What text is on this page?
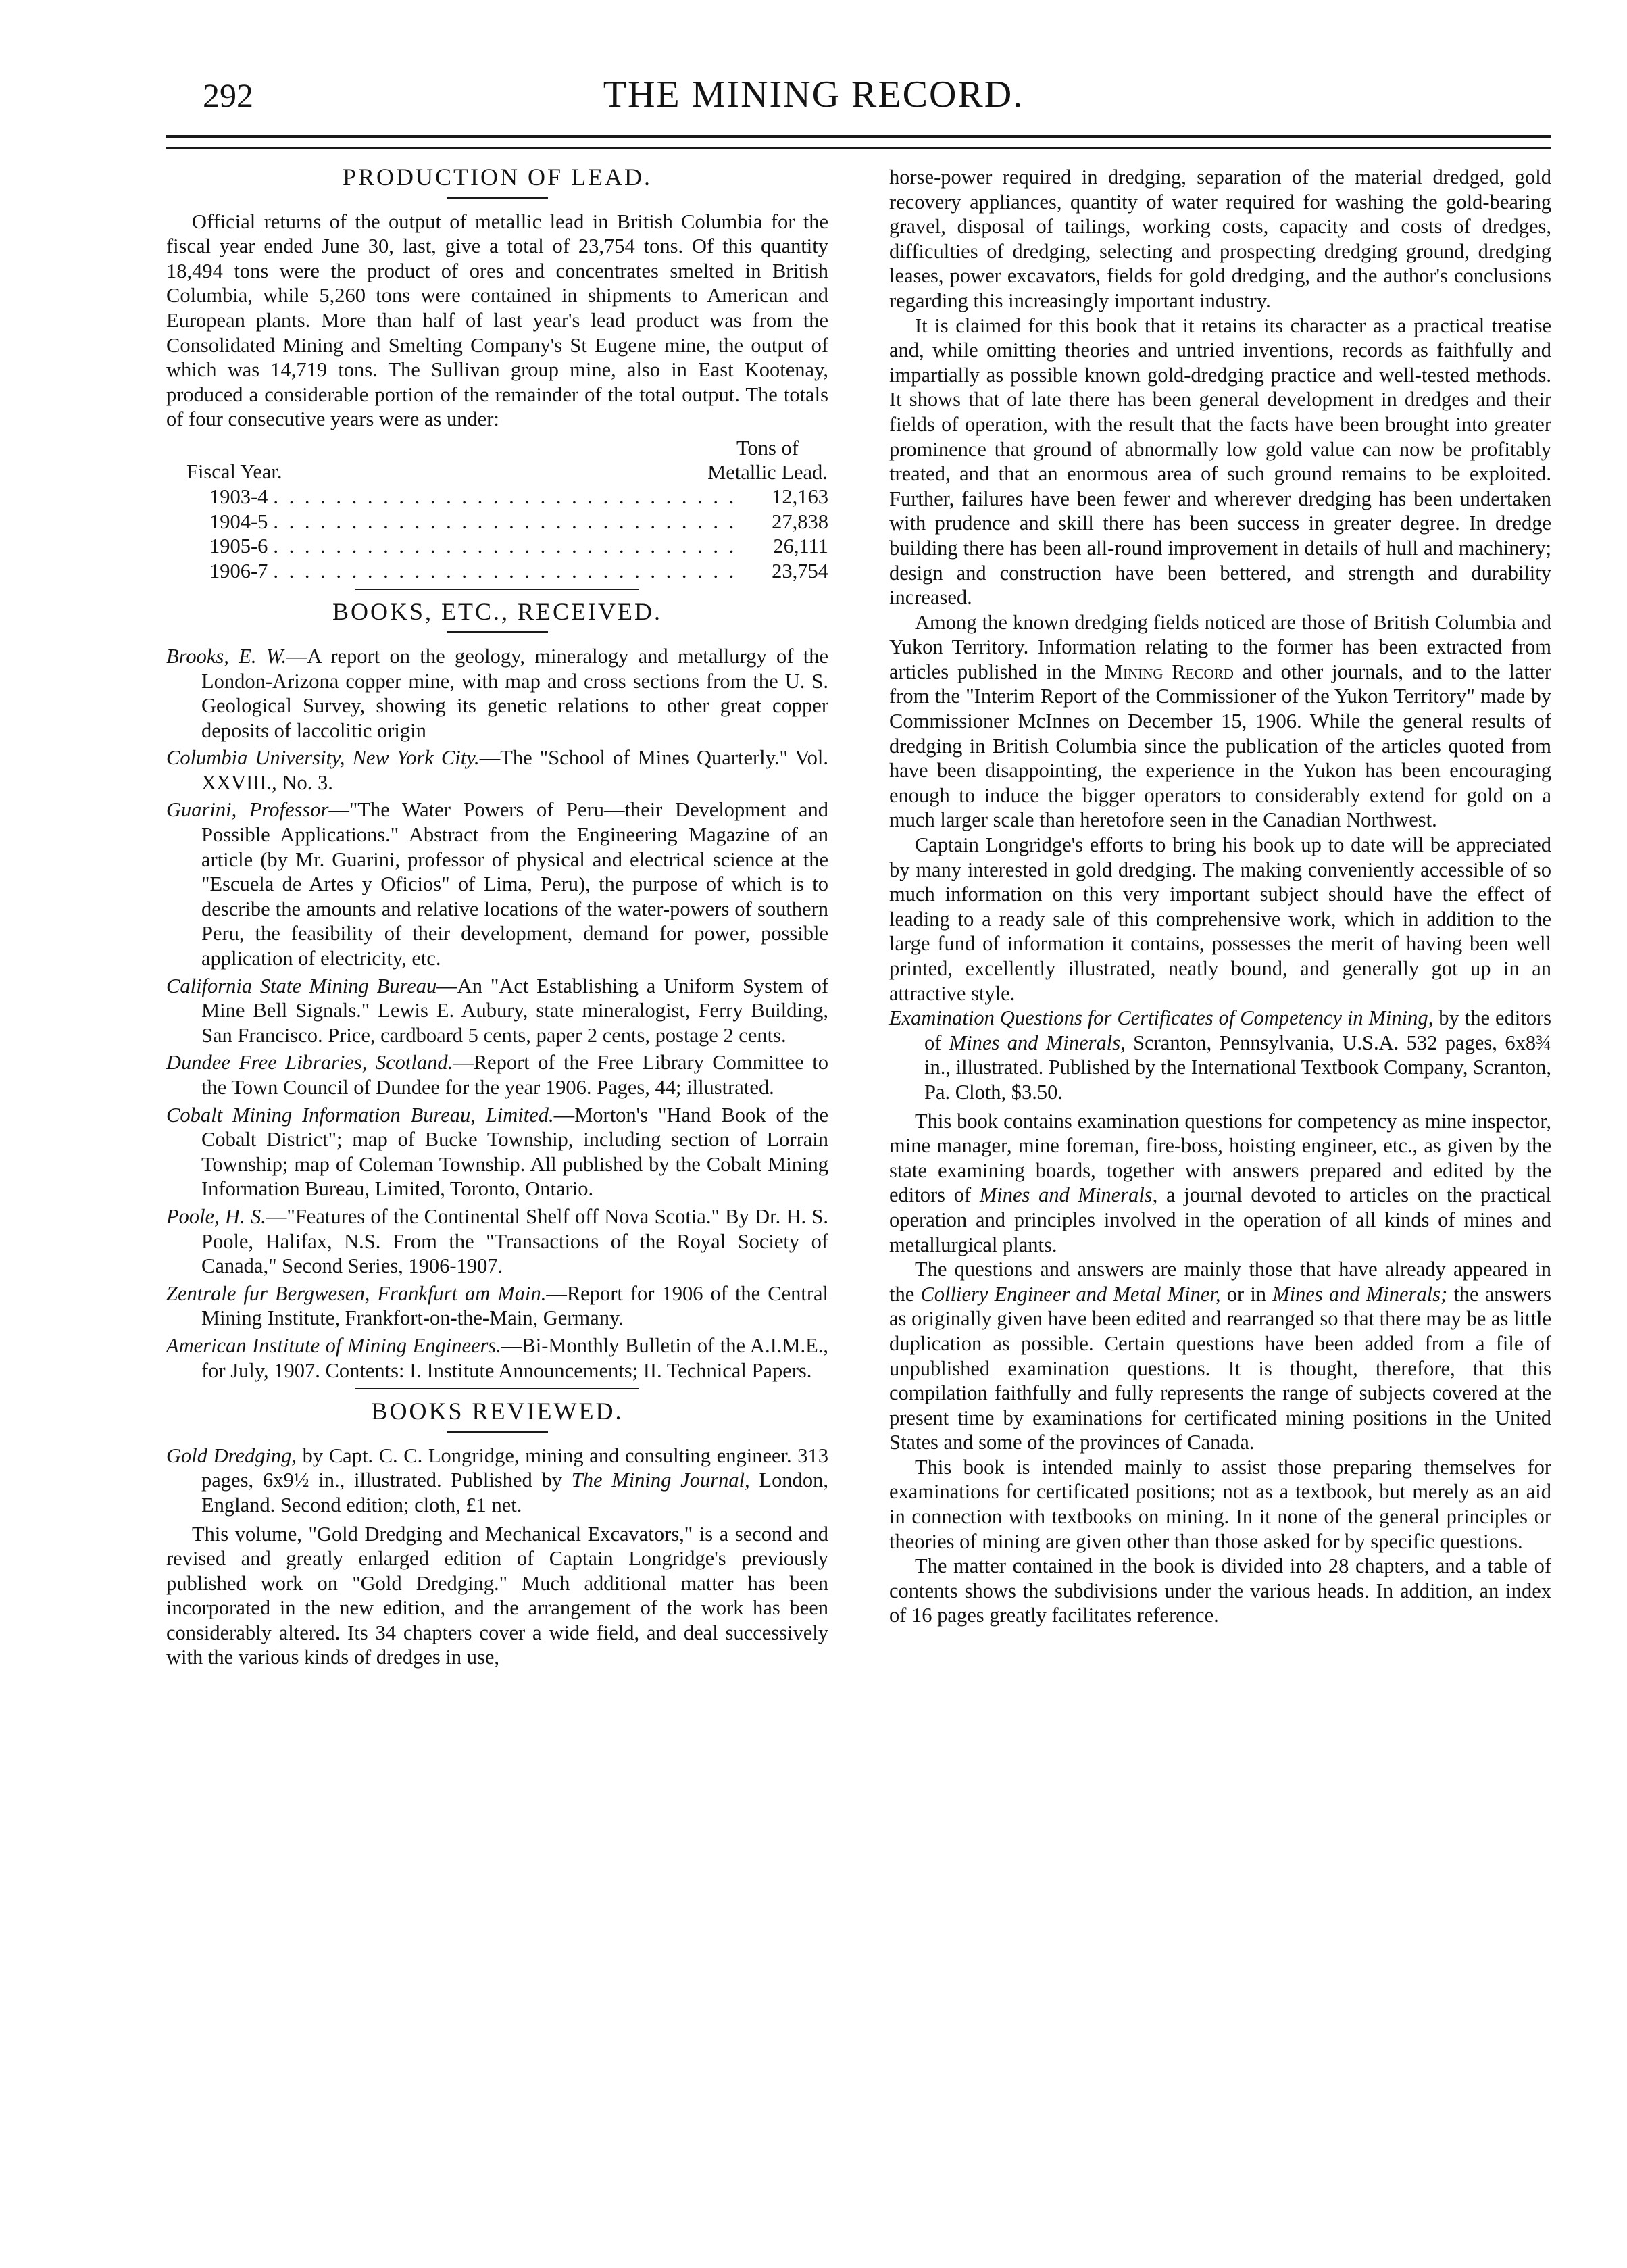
292	THE MINING RECORD.
PRODUCTION OF LEAD.

Official returns of the output of metallic lead in British Columbia for the fiscal year ended June 30, last, give a total of 23,754 tons. Of this quantity 18,494 tons were the product of ores and concentrates smelted in British Columbia, while 5,260 tons were contained in shipments to American and European plants. More than half of last year's lead product was from the Consolidated Mining and Smelting Company's St Eugene mine, the output of which was 14,719 tons. The Sullivan group mine, also in East Kootenay, produced a considerable portion of the remainder of the total output. The totals of four consecutive years were as under:

Fiscal Year.
Tons of
Metallic Lead.
1903-4 . . .	12,163
1904-5 . . .	27,838
1905-6 . . .	26,111
1906-7 . . .	23,754
BOOKS, ETC., RECEIVED.
Brooks, E. W.—A report on the geology, mineralogy and metallurgy of the London-Arizona copper mine, with map and cross sections from the U. S. Geological Survey, showing its genetic relations to other great copper deposits of laccolitic origin
Columbia University, New York City.—The "School of Mines Quarterly." Vol. XXVIII., No. 3.
Guarini, Professor—"The Water Powers of Peru—their Development and Possible Applications." Abstract from the Engineering Magazine of an article (by Mr. Guarini, professor of physical and electrical science at the "Escuela de Artes y Oficios" of Lima, Peru), the purpose of which is to describe the amounts and relative locations of the water-powers of southern Peru, the feasibility of their development, demand for power, possible application of electricity, etc.
California State Mining Bureau—An "Act Establishing a Uniform System of Mine Bell Signals." Lewis E. Aubury, state mineralogist, Ferry Building, San Francisco. Price, cardboard 5 cents, paper 2 cents, postage 2 cents.
Dundee Free Libraries, Scotland.—Report of the Free Library Committee to the Town Council of Dundee for the year 1906. Pages, 44; illustrated.
Cobalt Mining Information Bureau, Limited.—Morton's "Hand Book of the Cobalt District"; map of Bucke Township, including section of Lorrain Township; map of Coleman Township. All published by the Cobalt Mining Information Bureau, Limited, Toronto, Ontario.
Poole, H. S.—"Features of the Continental Shelf off Nova Scotia." By Dr. H. S. Poole, Halifax, N.S. From the "Transactions of the Royal Society of Canada," Second Series, 1906-1907.
Zentrale fur Bergwesen, Frankfurt am Main.—Report for 1906 of the Central Mining Institute, Frankfort-on-the-Main, Germany.
American Institute of Mining Engineers.—Bi-Monthly Bulletin of the A.I.M.E., for July, 1907. Contents: I. Institute Announcements; II. Technical Papers.
BOOKS REVIEWED.
Gold Dredging, by Capt. C. C. Longridge, mining and consulting engineer. 313 pages, 6x9½ in., illustrated. Published by The Mining Journal, London, England. Second edition; cloth, £1 net.

This volume, "Gold Dredging and Mechanical Excavators," is a second and revised and greatly enlarged edition of Captain Longridge's previously published work on "Gold Dredging." Much additional matter has been incorporated in the new edition, and the arrangement of the work has been considerably altered. Its 34 chapters cover a wide field, and deal successively with the various kinds of dredges in use,

horse-power required in dredging, separation of the material dredged, gold recovery appliances, quantity of water required for washing the gold-bearing gravel, disposal of tailings, working costs, capacity and costs of dredges, difficulties of dredging, selecting and prospecting dredging ground, dredging leases, power excavators, fields for gold dredging, and the author's conclusions regarding this increasingly important industry.

It is claimed for this book that it retains its character as a practical treatise and, while omitting theories and untried inventions, records as faithfully and impartially as possible known gold-dredging practice and well-tested methods. It shows that of late there has been general development in dredges and their fields of operation, with the result that the facts have been brought into greater prominence that ground of abnormally low gold value can now be profitably treated, and that an enormous area of such ground remains to be exploited. Further, failures have been fewer and wherever dredging has been undertaken with prudence and skill there has been success in greater degree. In dredge building there has been all-round improvement in details of hull and machinery; design and construction have been bettered, and strength and durability increased.

Among the known dredging fields noticed are those of British Columbia and Yukon Territory. Information relating to the former has been extracted from articles published in the Mining Record and other journals, and to the latter from the "Interim Report of the Commissioner of the Yukon Territory" made by Commissioner McInnes on December 15, 1906. While the general results of dredging in British Columbia since the publication of the articles quoted from have been disappointing, the experience in the Yukon has been encouraging enough to induce the bigger operators to considerably extend for gold on a much larger scale than heretofore seen in the Canadian Northwest.

Captain Longridge's efforts to bring his book up to date will be appreciated by many interested in gold dredging. The making conveniently accessible of so much information on this very important subject should have the effect of leading to a ready sale of this comprehensive work, which in addition to the large fund of information it contains, possesses the merit of having been well printed, excellently illustrated, neatly bound, and generally got up in an attractive style.

Examination Questions for Certificates of Competency in Mining, by the editors of Mines and Minerals, Scranton, Pennsylvania, U.S.A. 532 pages, 6x8¾ in., illustrated. Published by the International Textbook Company, Scranton, Pa. Cloth, $3.50.

This book contains examination questions for competency as mine inspector, mine manager, mine foreman, fire-boss, hoisting engineer, etc., as given by the state examining boards, together with answers prepared and edited by the editors of Mines and Minerals, a journal devoted to articles on the practical operation and principles involved in the operation of all kinds of mines and metallurgical plants.

The questions and answers are mainly those that have already appeared in the Colliery Engineer and Metal Miner, or in Mines and Minerals; the answers as originally given have been edited and rearranged so that there may be as little duplication as possible. Certain questions have been added from a file of unpublished examination questions. It is thought, therefore, that this compilation faithfully and fully represents the range of subjects covered at the present time by examinations for certificated mining positions in the United States and some of the provinces of Canada.

This book is intended mainly to assist those preparing themselves for examinations for certificated positions; not as a textbook, but merely as an aid in connection with textbooks on mining. In it none of the general principles or theories of mining are given other than those asked for by specific questions.

The matter contained in the book is divided into 28 chapters, and a table of contents shows the subdivisions under the various heads. In addition, an index of 16 pages greatly facilitates reference.
